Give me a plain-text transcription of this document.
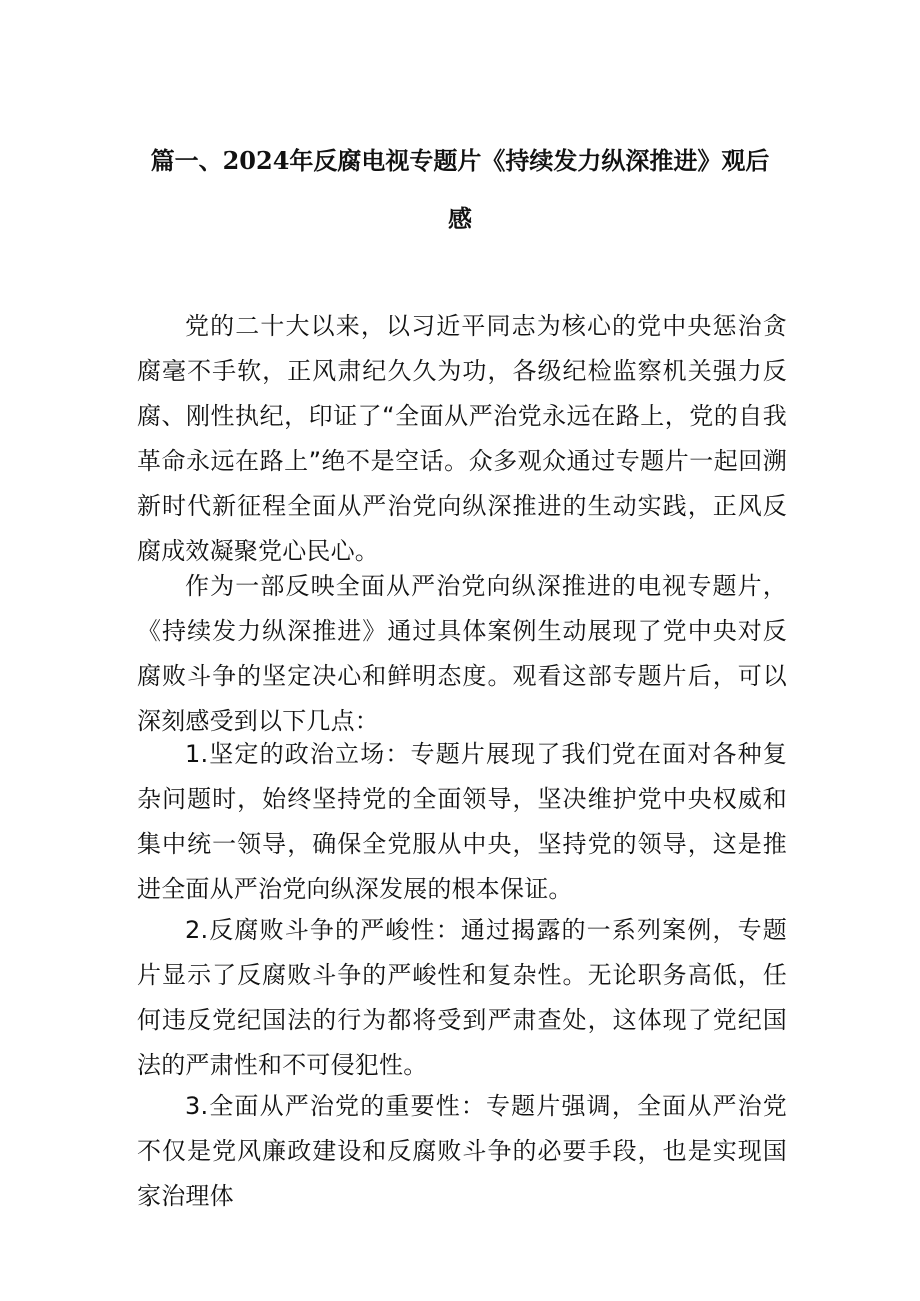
篇一、2024年反腐电视专题片《持续发力纵深推进》观后
感

党的二十大以来，以习近平同志为核心的党中央惩治贪腐毫不手软，正风肃纪久久为功，各级纪检监察机关强力反腐、刚性执纪，印证了“全面从严治党永远在路上，党的自我革命永远在路上”绝不是空话。众多观众通过专题片一起回溯新时代新征程全面从严治党向纵深推进的生动实践，正风反腐成效凝聚党心民心。

作为一部反映全面从严治党向纵深推进的电视专题片，《持续发力纵深推进》通过具体案例生动展现了党中央对反腐败斗争的坚定决心和鲜明态度。观看这部专题片后，可以深刻感受到以下几点：

1.坚定的政治立场：专题片展现了我们党在面对各种复杂问题时，始终坚持党的全面领导，坚决维护党中央权威和集中统一领导，确保全党服从中央，坚持党的领导，这是推进全面从严治党向纵深发展的根本保证。

2.反腐败斗争的严峻性：通过揭露的一系列案例，专题片显示了反腐败斗争的严峻性和复杂性。无论职务高低，任何违反党纪国法的行为都将受到严肃查处，这体现了党纪国法的严肃性和不可侵犯性。

3.全面从严治党的重要性：专题片强调，全面从严治党不仅是党风廉政建设和反腐败斗争的必要手段，也是实现国家治理体
